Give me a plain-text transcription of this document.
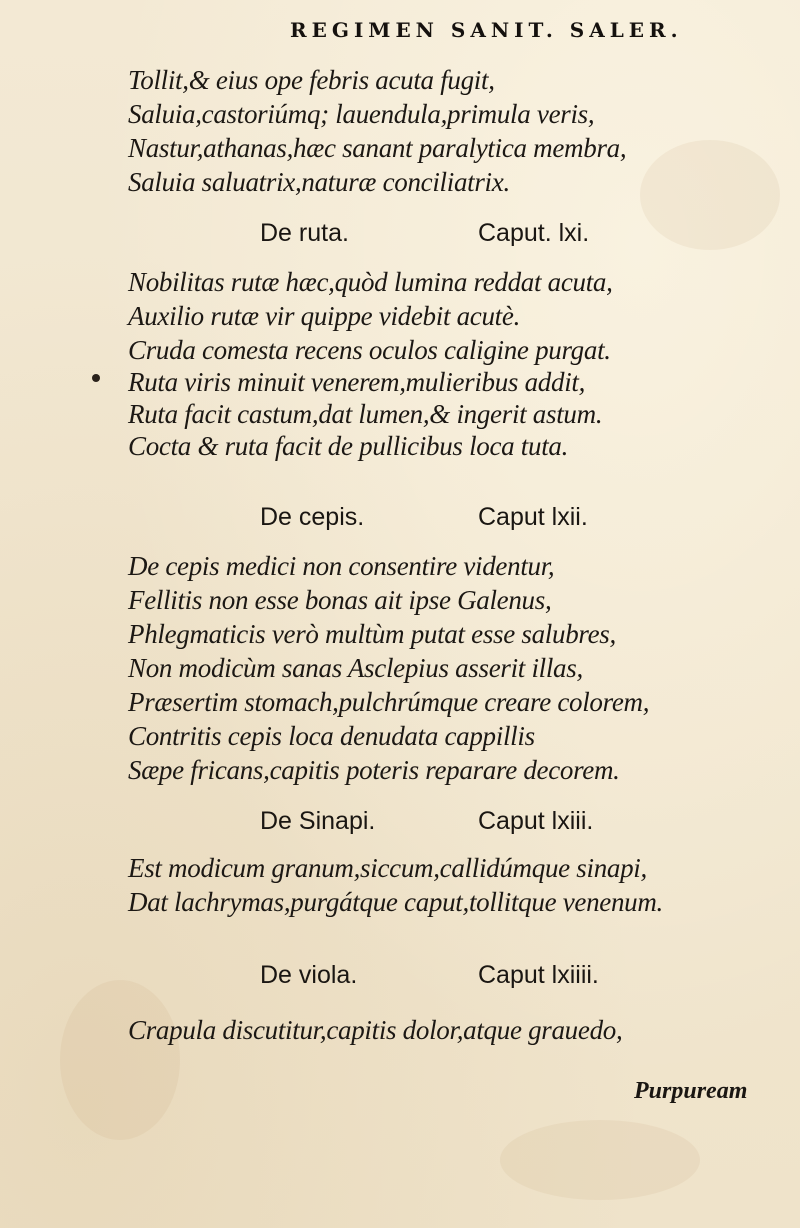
REGIMEN SANIT. SALER.
Tollit,& eius ope febris acuta fugit,
Saluia,castoriúmq; lauendula,primula veris,
Nastur,athanas,hæc sanant paralytica membra,
Saluia saluatrix,naturæ conciliatrix.
De ruta.	Caput. lxi.
Nobilitas rutæ hæc,quòd lumina reddat acuta,
Auxilio rutæ vir quippe videbit acutè.
Cruda comesta recens oculos caligine purgat.
Ruta viris minuit venerem,mulieribus addit,
Ruta facit castum,dat lumen,& ingerit astum.
Cocta & ruta facit de pullicibus loca tuta.
De cepis.	Caput lxii.
De cepis medici non consentire videntur,
Fellitis non esse bonas ait ipse Galenus,
Phlegmaticis verò multùm putat esse salubres,
Non modicùm sanas Asclepius asserit illas,
Præsertim stomach,pulchrúmque creare colorem,
Contritis cepis loca denudata cappillis
Sæpe fricans,capitis poteris reparare decorem.
De Sinapi.	Caput lxiii.
Est modicum granum,siccum,callidúmque sinapi,
Dat lachrymas,purgátque caput,tollitque venenum.
De viola.	Caput lxiiii.
Crapula discutitur,capitis dolor,atque grauedo,
Purpuream
